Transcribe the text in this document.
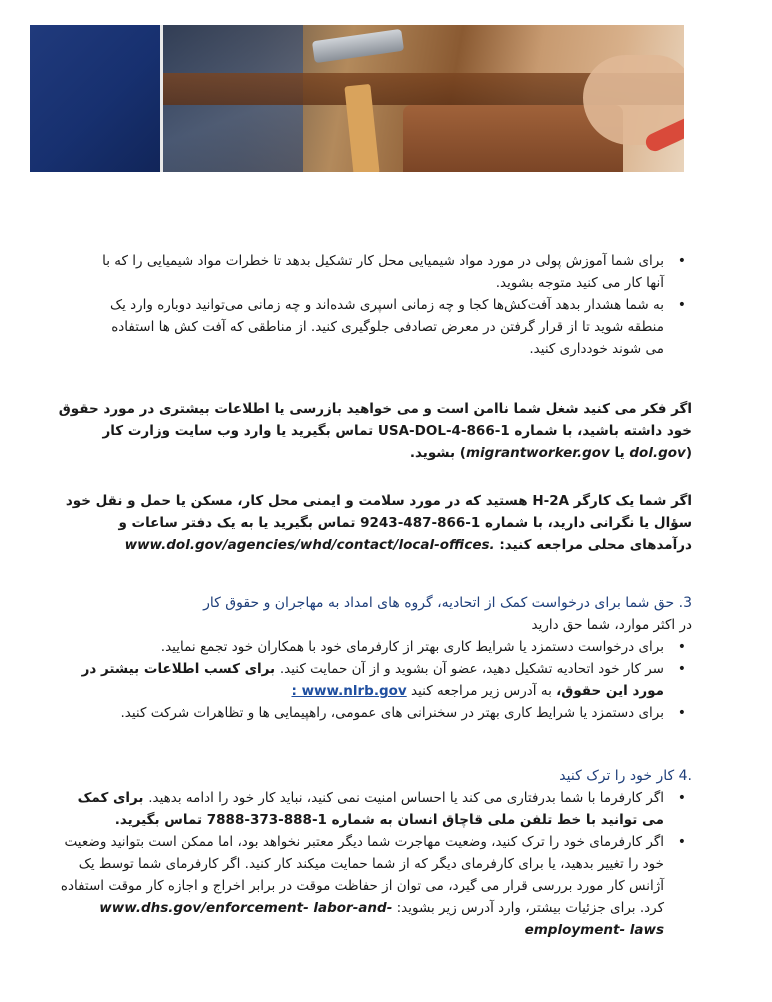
• برای شما آموزش پولی در مورد مواد شیمیایی محل کار تشکیل بدهد تا خطرات مواد شیمیایی را که با آنها کار می کنید متوجه بشوید.
• به شما هشدار بدهد آفت‌کش‌ها کجا و چه زمانی اسپری شده‌اند و چه زمانی می‌توانید دوباره وارد یک منطقه شوید تا از قرار گرفتن در معرض تصادفی جلوگیری کنید. از مناطقی که آفت کش ها استفاده می شوند خودداری کنید.
اگر فکر می کنید شغل شما ناامن است و می خواهید بازرسی یا اطلاعات بیشتری در مورد حقوق خود داشته باشید، با شماره USA-DOL-4-866-1 تماس بگیرید یا وارد وب سایت وزارت کار (dol.gov یا migrantworker.gov) بشوید.
اگر شما یک کارگر H-2A هستید که در مورد سلامت و ایمنی محل کار، مسکن یا حمل و نقل خود سؤال یا نگرانی دارید، با شماره 1-866-487-9243 تماس بگیرید یا به یک دفتر ساعات و درآمدهای محلی مراجعه کنید: www.dol.gov/agencies/whd/contact/local-offices.
3. حق شما برای درخواست کمک از اتحادیه، گروه های امداد به مهاجران و حقوق کار
در اکثر موارد، شما حق دارید
• برای درخواست دستمزد یا شرایط کاری بهتر از کارفرمای خود با همکاران خود تجمع نمایید.
• سر کار خود اتحادیه تشکیل دهید، عضو آن بشوید و از آن حمایت کنید. برای کسب اطلاعات بیشتر در مورد این حقوق، به آدرس زیر مراجعه کنید : www.nlrb.gov
• برای دستمزد یا شرایط کاری بهتر در سخنرانی های عمومی، راهپیمایی ها و تظاهرات شرکت کنید.
.4 کار خود را ترک کنید
• اگر کارفرما با شما بدرفتاری می کند یا احساس امنیت نمی کنید، نباید کار خود را ادامه بدهید. برای کمک می توانید با خط تلفن ملی قاچاق انسان به شماره 1-888-373-7888 تماس بگیرید.
• اگر کارفرمای خود را ترک کنید، وضعیت مهاجرت شما دیگر معتبر نخواهد بود، اما ممکن است بتوانید وضعیت خود را تغییر بدهید، یا برای کارفرمای دیگر که از شما حمایت میکند کار کنید. اگر کارفرمای شما توسط یک آژانس کار مورد بررسی قرار می گیرد، می توان از حفاظت موقت در برابر اخراج و اجازه کار موقت استفاده کرد. برای جزئیات بیشتر، وارد آدرس زیر بشوید: www.dhs.gov/enforcement- labor-and-employment- laws
